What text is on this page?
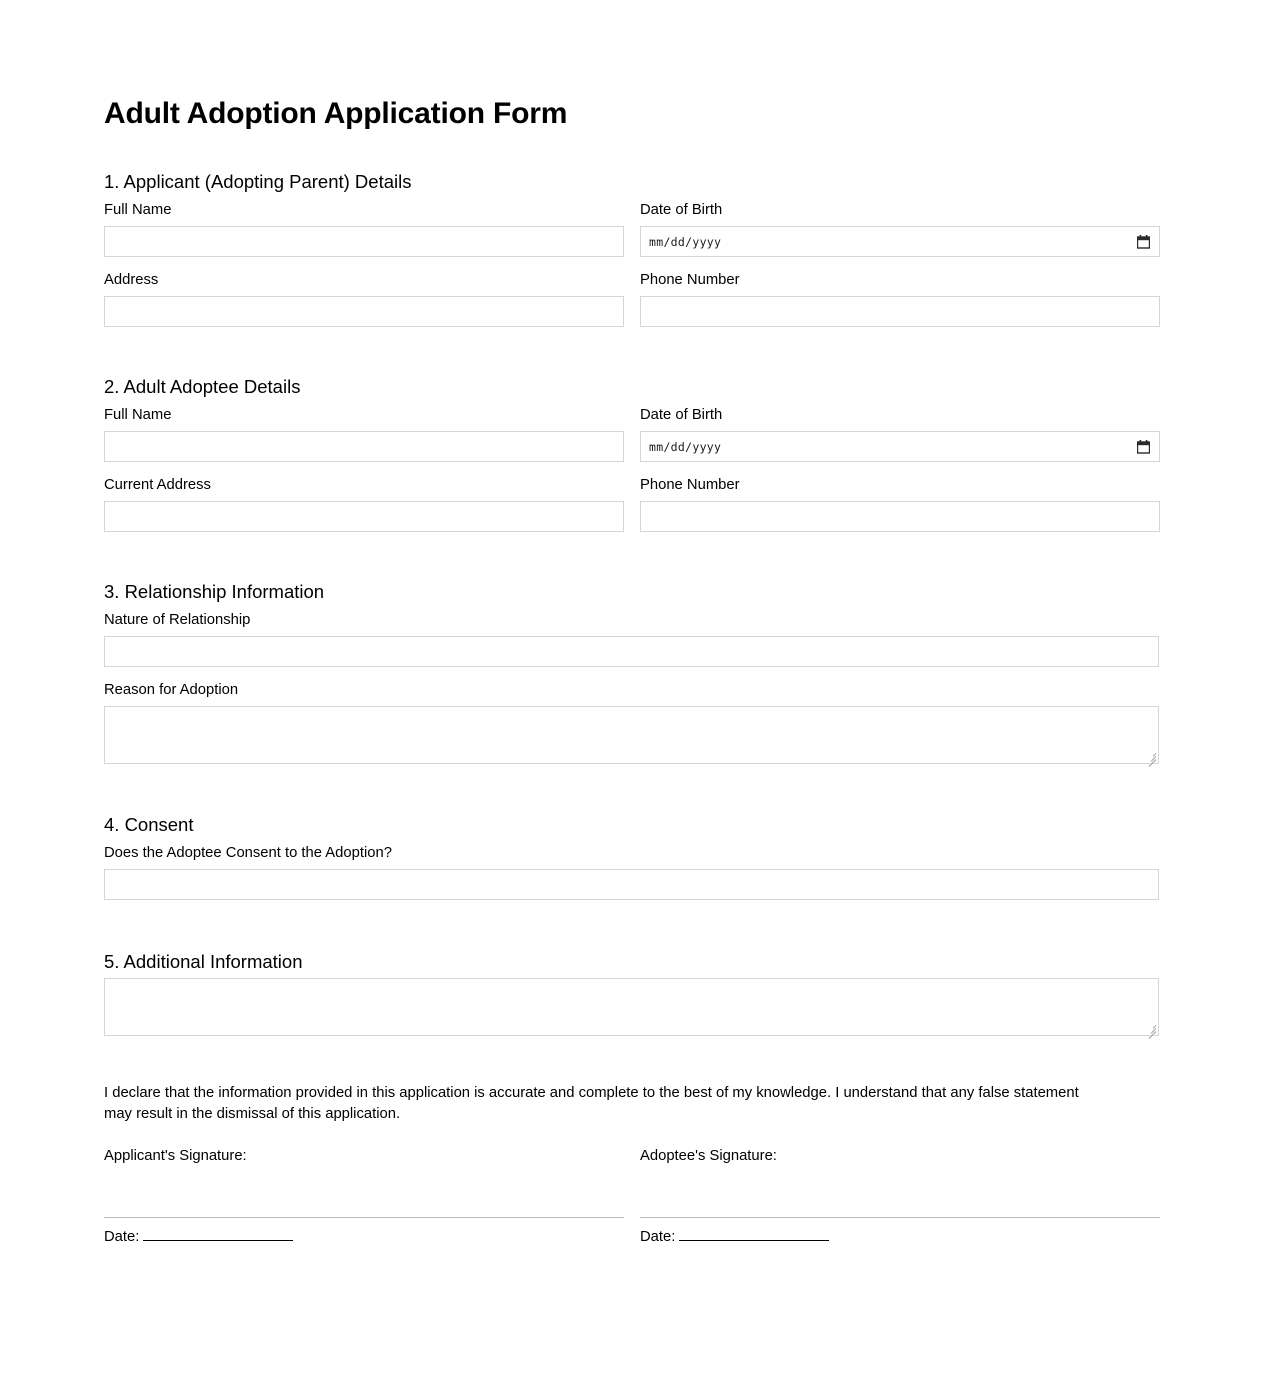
Adult Adoption Application Form
1. Applicant (Adopting Parent) Details
Full Name	Date of Birth
mm/dd/yyyy
Address	Phone Number
2. Adult Adoptee Details
Full Name	Date of Birth
mm/dd/yyyy
Current Address	Phone Number
3. Relationship Information
Nature of Relationship
Reason for Adoption
4. Consent
Does the Adoptee Consent to the Adoption?
5. Additional Information

I declare that the information provided in this application is accurate and complete to the best of my knowledge. I understand that any false statement may result in the dismissal of this application.

Applicant's Signature:	Adoptee's Signature:
Date:	Date:
